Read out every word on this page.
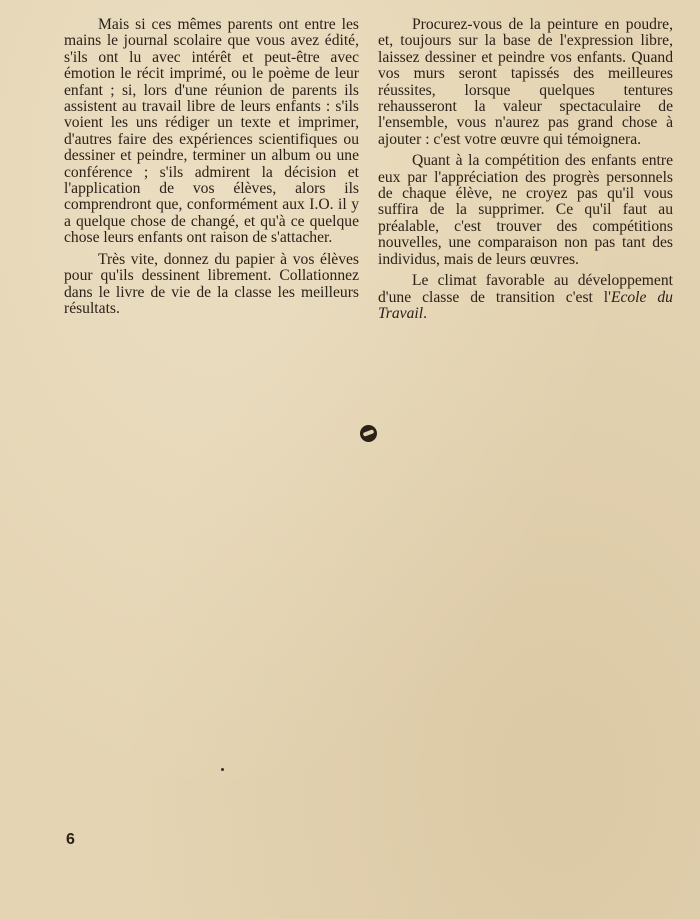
Mais si ces mêmes parents ont entre les mains le journal scolaire que vous avez édité, s'ils ont lu avec intérêt et peut-être avec émotion le récit imprimé, ou le poème de leur enfant ; si, lors d'une réunion de parents ils assistent au travail libre de leurs enfants : s'ils voient les uns rédiger un texte et imprimer, d'autres faire des expériences scientifiques ou dessiner et peindre, terminer un album ou une conférence ; s'ils admirent la décision et l'application de vos élèves, alors ils comprendront que, conformément aux I.O. il y a quelque chose de changé, et qu'à ce quelque chose leurs enfants ont raison de s'attacher.

Très vite, donnez du papier à vos élèves pour qu'ils dessinent librement. Collationnez dans le livre de vie de la classe les meilleurs résultats.

Procurez-vous de la peinture en poudre, et, toujours sur la base de l'expression libre, laissez dessiner et peindre vos enfants. Quand vos murs seront tapissés des meilleures réussites, lorsque quelques tentures rehausseront la valeur spectaculaire de l'ensemble, vous n'aurez pas grand chose à ajouter : c'est votre œuvre qui témoignera.

Quant à la compétition des enfants entre eux par l'appréciation des progrès personnels de chaque élève, ne croyez pas qu'il vous suffira de la supprimer. Ce qu'il faut au préalable, c'est trouver des compétitions nouvelles, une comparaison non pas tant des individus, mais de leurs œuvres.

Le climat favorable au développement d'une classe de transition c'est l'Ecole du Travail.

6
